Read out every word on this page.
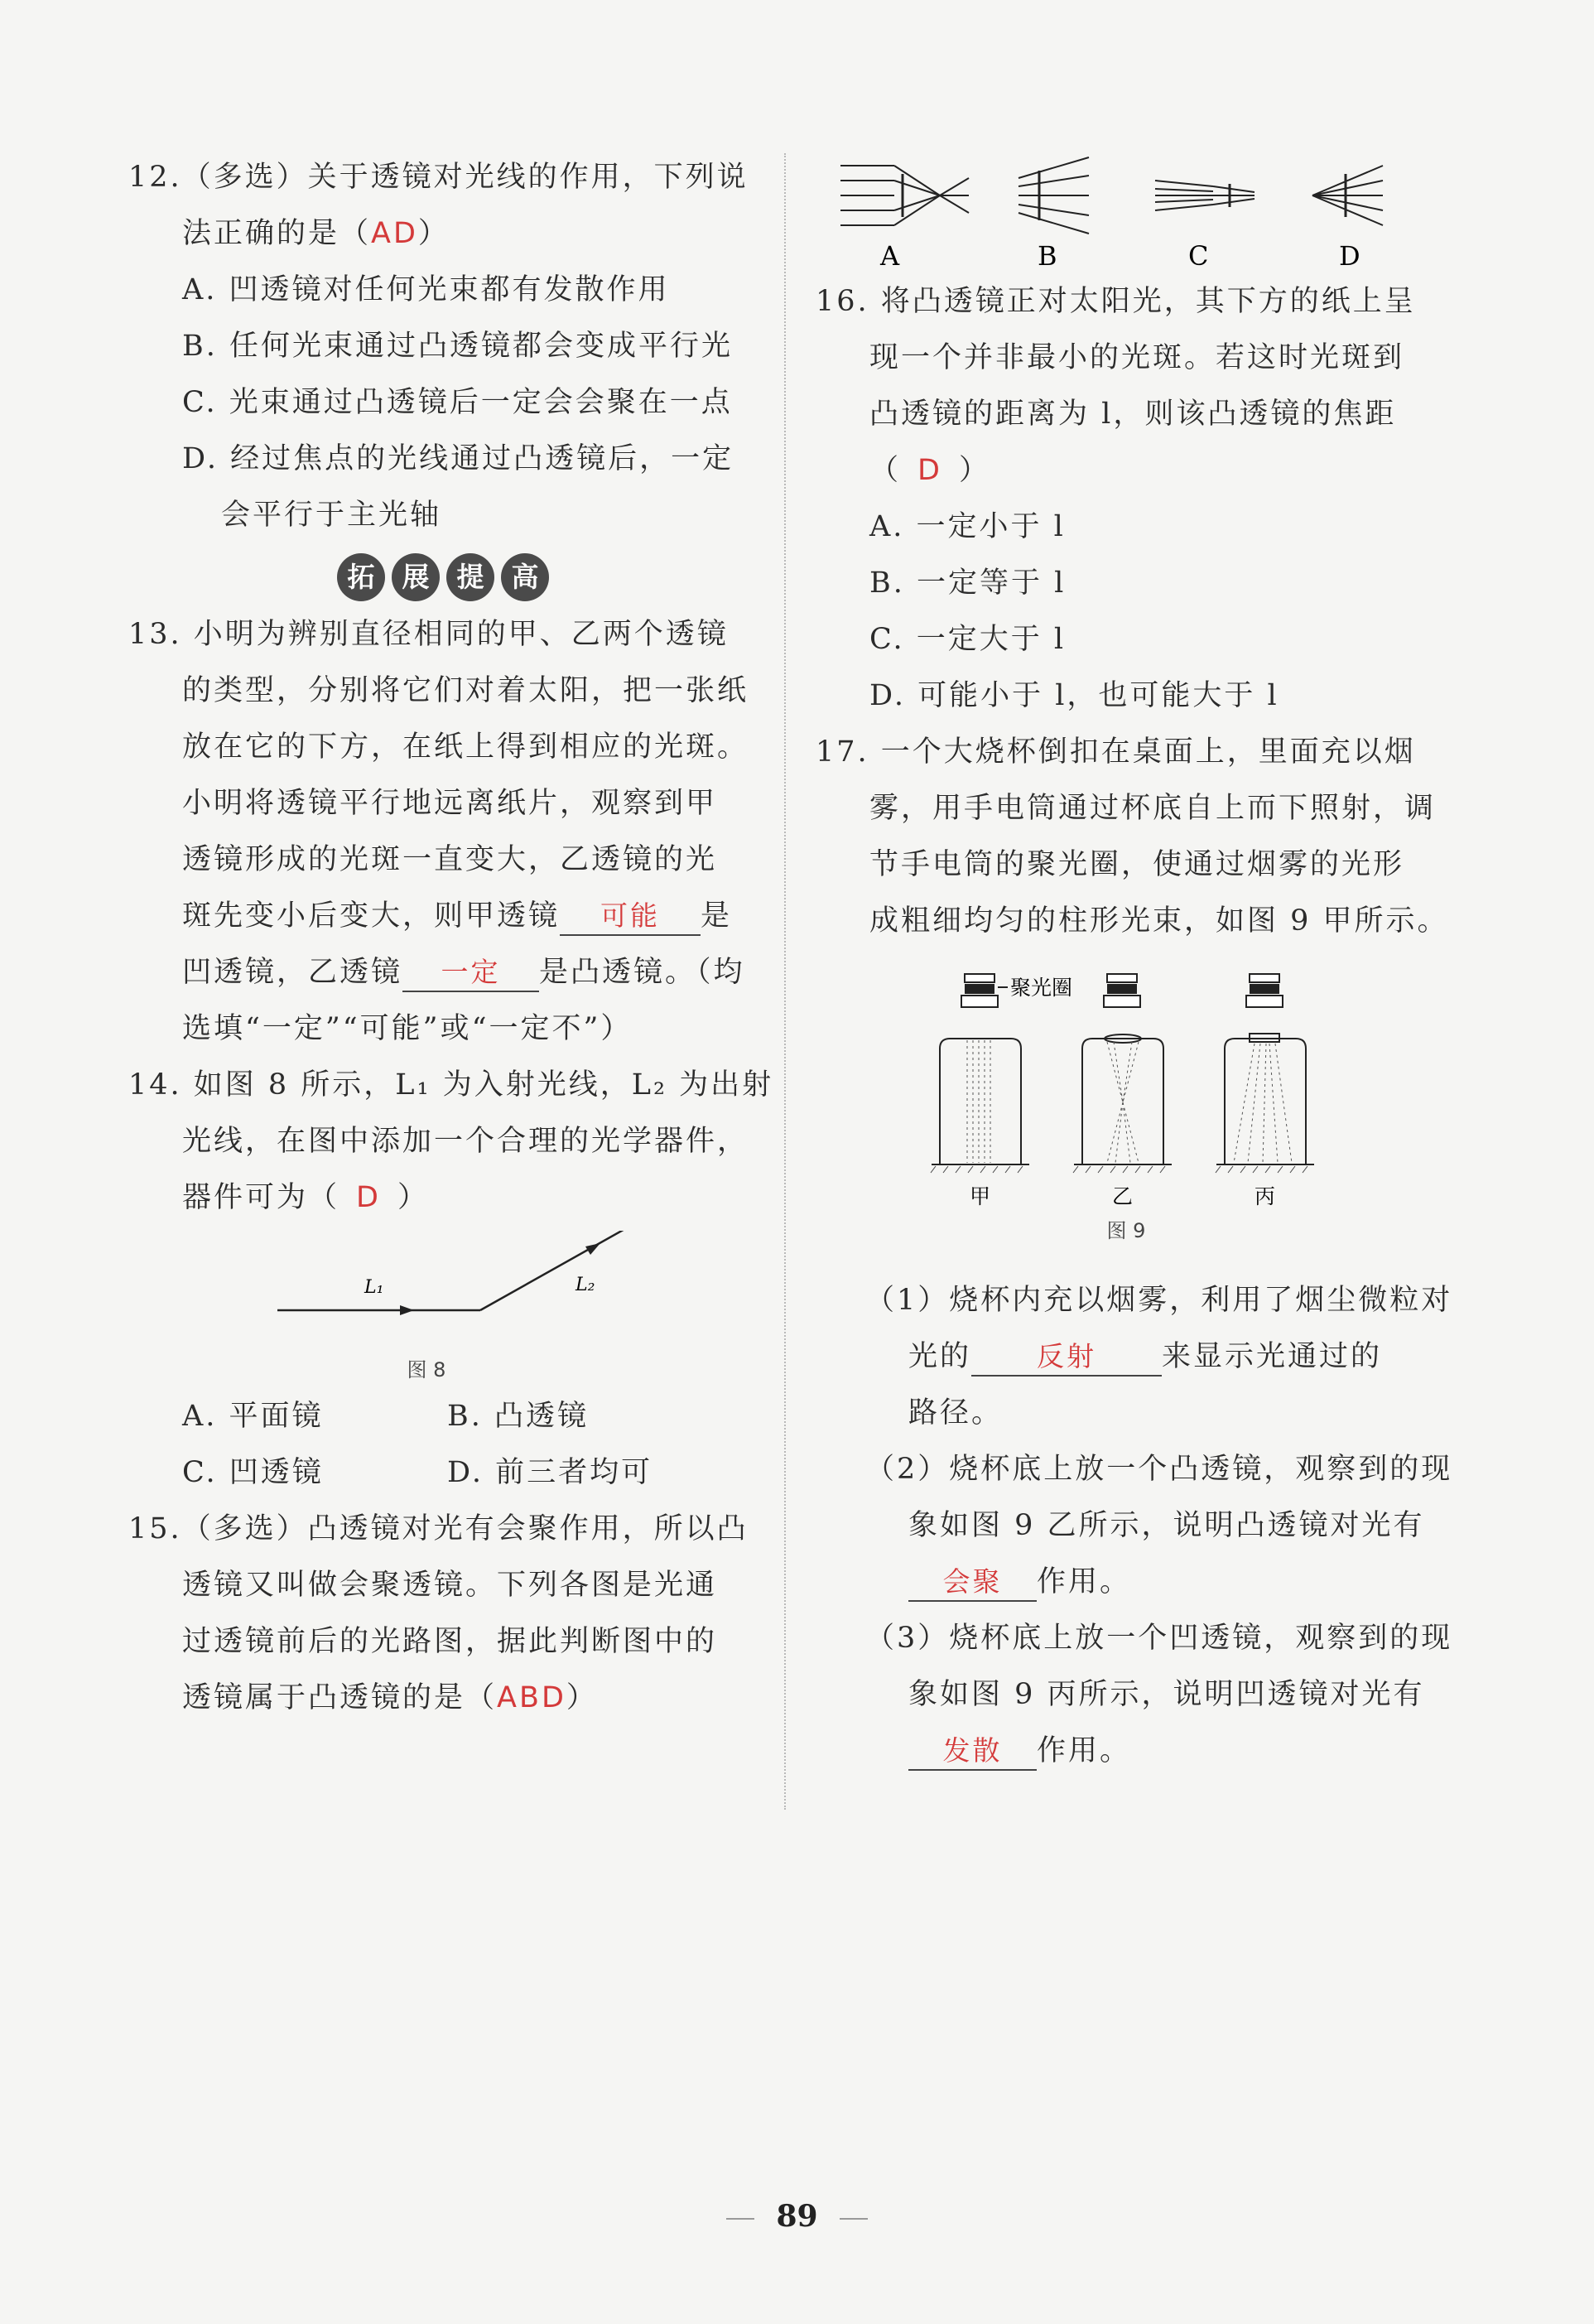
12.（多选）关于透镜对光线的作用，下列说
法正确的是（AD）
A. 凹透镜对任何光束都有发散作用
B. 任何光束通过凸透镜都会变成平行光
C. 光束通过凸透镜后一定会会聚在一点
D. 经过焦点的光线通过凸透镜后，一定
会平行于主光轴
拓	展	提	高
13. 小明为辨别直径相同的甲、乙两个透镜
的类型，分别将它们对着太阳，把一张纸
放在它的下方，在纸上得到相应的光斑。
小明将透镜平行地远离纸片，观察到甲
透镜形成的光斑一直变大，乙透镜的光
斑先变小后变大，则甲透镜 可能 是
凹透镜，乙透镜 一定 是凸透镜。（均
选填“一定”“可能”或“一定不”）
14. 如图 8 所示，L₁ 为入射光线，L₂ 为出射
光线，在图中添加一个合理的光学器件，
器件可为（ D ）
L₁	L₂
图 8
A. 平面镜	B. 凸透镜
C. 凹透镜	D. 前三者均可
15.（多选）凸透镜对光有会聚作用，所以凸
透镜又叫做会聚透镜。下列各图是光通
过透镜前后的光路图，据此判断图中的
透镜属于凸透镜的是（ABD）
A	B	C	D
16. 将凸透镜正对太阳光，其下方的纸上呈
现一个并非最小的光斑。若这时光斑到
凸透镜的距离为 l，则该凸透镜的焦距
（ D ）
A. 一定小于 l
B. 一定等于 l
C. 一定大于 l
D. 可能小于 l，也可能大于 l
17. 一个大烧杯倒扣在桌面上，里面充以烟
雾，用手电筒通过杯底自上而下照射，调
节手电筒的聚光圈，使通过烟雾的光形
成粗细均匀的柱形光束，如图 9 甲所示。
聚光圈
甲	乙	丙
图 9
（1）烧杯内充以烟雾，利用了烟尘微粒对
光的 反射 来显示光通过的
路径。
（2）烧杯底上放一个凸透镜，观察到的现
象如图 9 乙所示，说明凸透镜对光有
会聚 作用。
（3）烧杯底上放一个凹透镜，观察到的现
象如图 9 丙所示，说明凹透镜对光有
发散 作用。
89
